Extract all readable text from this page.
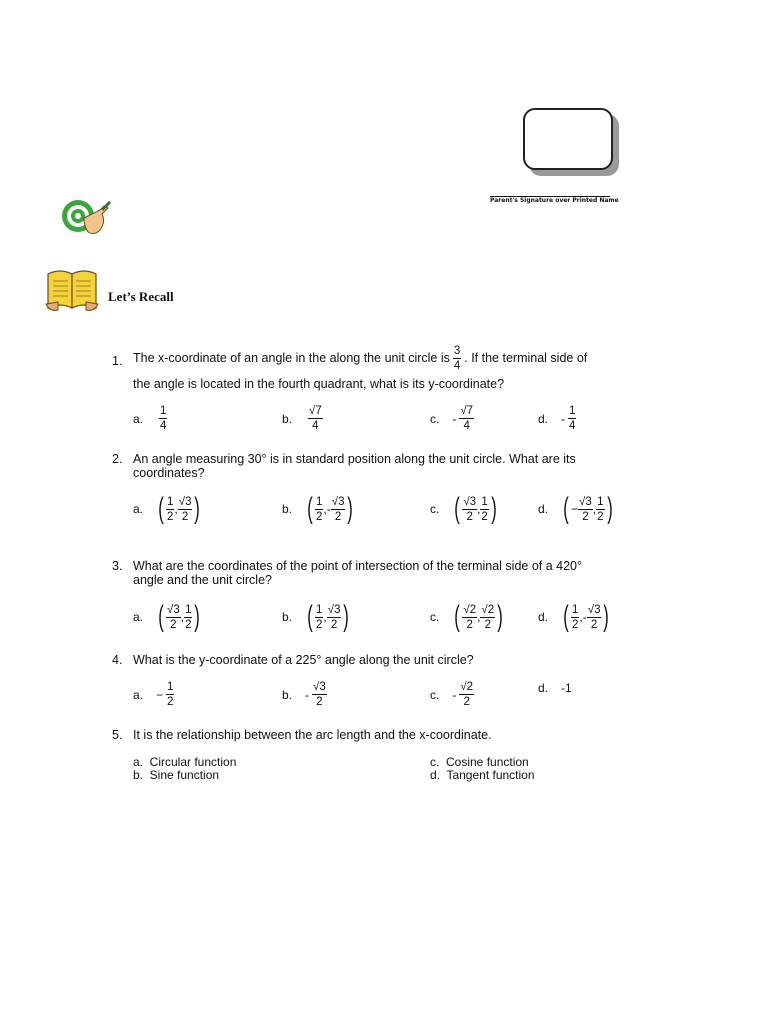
Parent's Signature over Printed Name
Let’s Recall
1. The x-coordinate of an angle in the along the unit circle is $\frac{3}{4}$ . If the terminal side of
the angle is located in the fourth quadrant, what is its y-coordinate?
a. $\frac{1}{4}$	b. $\frac{√7}{4}$	c. - $\frac{√7}{4}$	d. - $\frac{1}{4}$
2. An angle measuring 30° is in standard position along the unit circle. What are its
coordinates?
a. ( $\frac{1}{2}$ , $\frac{√3}{2}$ )	b. ( $\frac{1}{2}$ , - $\frac{√3}{2}$ )	c. ( $\frac{√3}{2}$ , $\frac{1}{2}$ )	d. ( − $\frac{√3}{2}$ , $\frac{1}{2}$ )
3. What are the coordinates of the point of intersection of the terminal side of a 420°
angle and the unit circle?
a. ( $\frac{√3}{2}$ , $\frac{1}{2}$ )	b. ( $\frac{1}{2}$ , $\frac{√3}{2}$ )	c. ( $\frac{√2}{2}$ , $\frac{√2}{2}$ )	d. ( $\frac{1}{2}$ , - $\frac{√3}{2}$ )
4. What is the y-coordinate of a 225° angle along the unit circle?
a. − $\frac{1}{2}$	b. - $\frac{√3}{2}$	c. - $\frac{√2}{2}$	d. -1
5. It is the relationship between the arc length and the x-coordinate.
a.  Circular function
b.  Sine function
c.  Cosine function
d.  Tangent function
